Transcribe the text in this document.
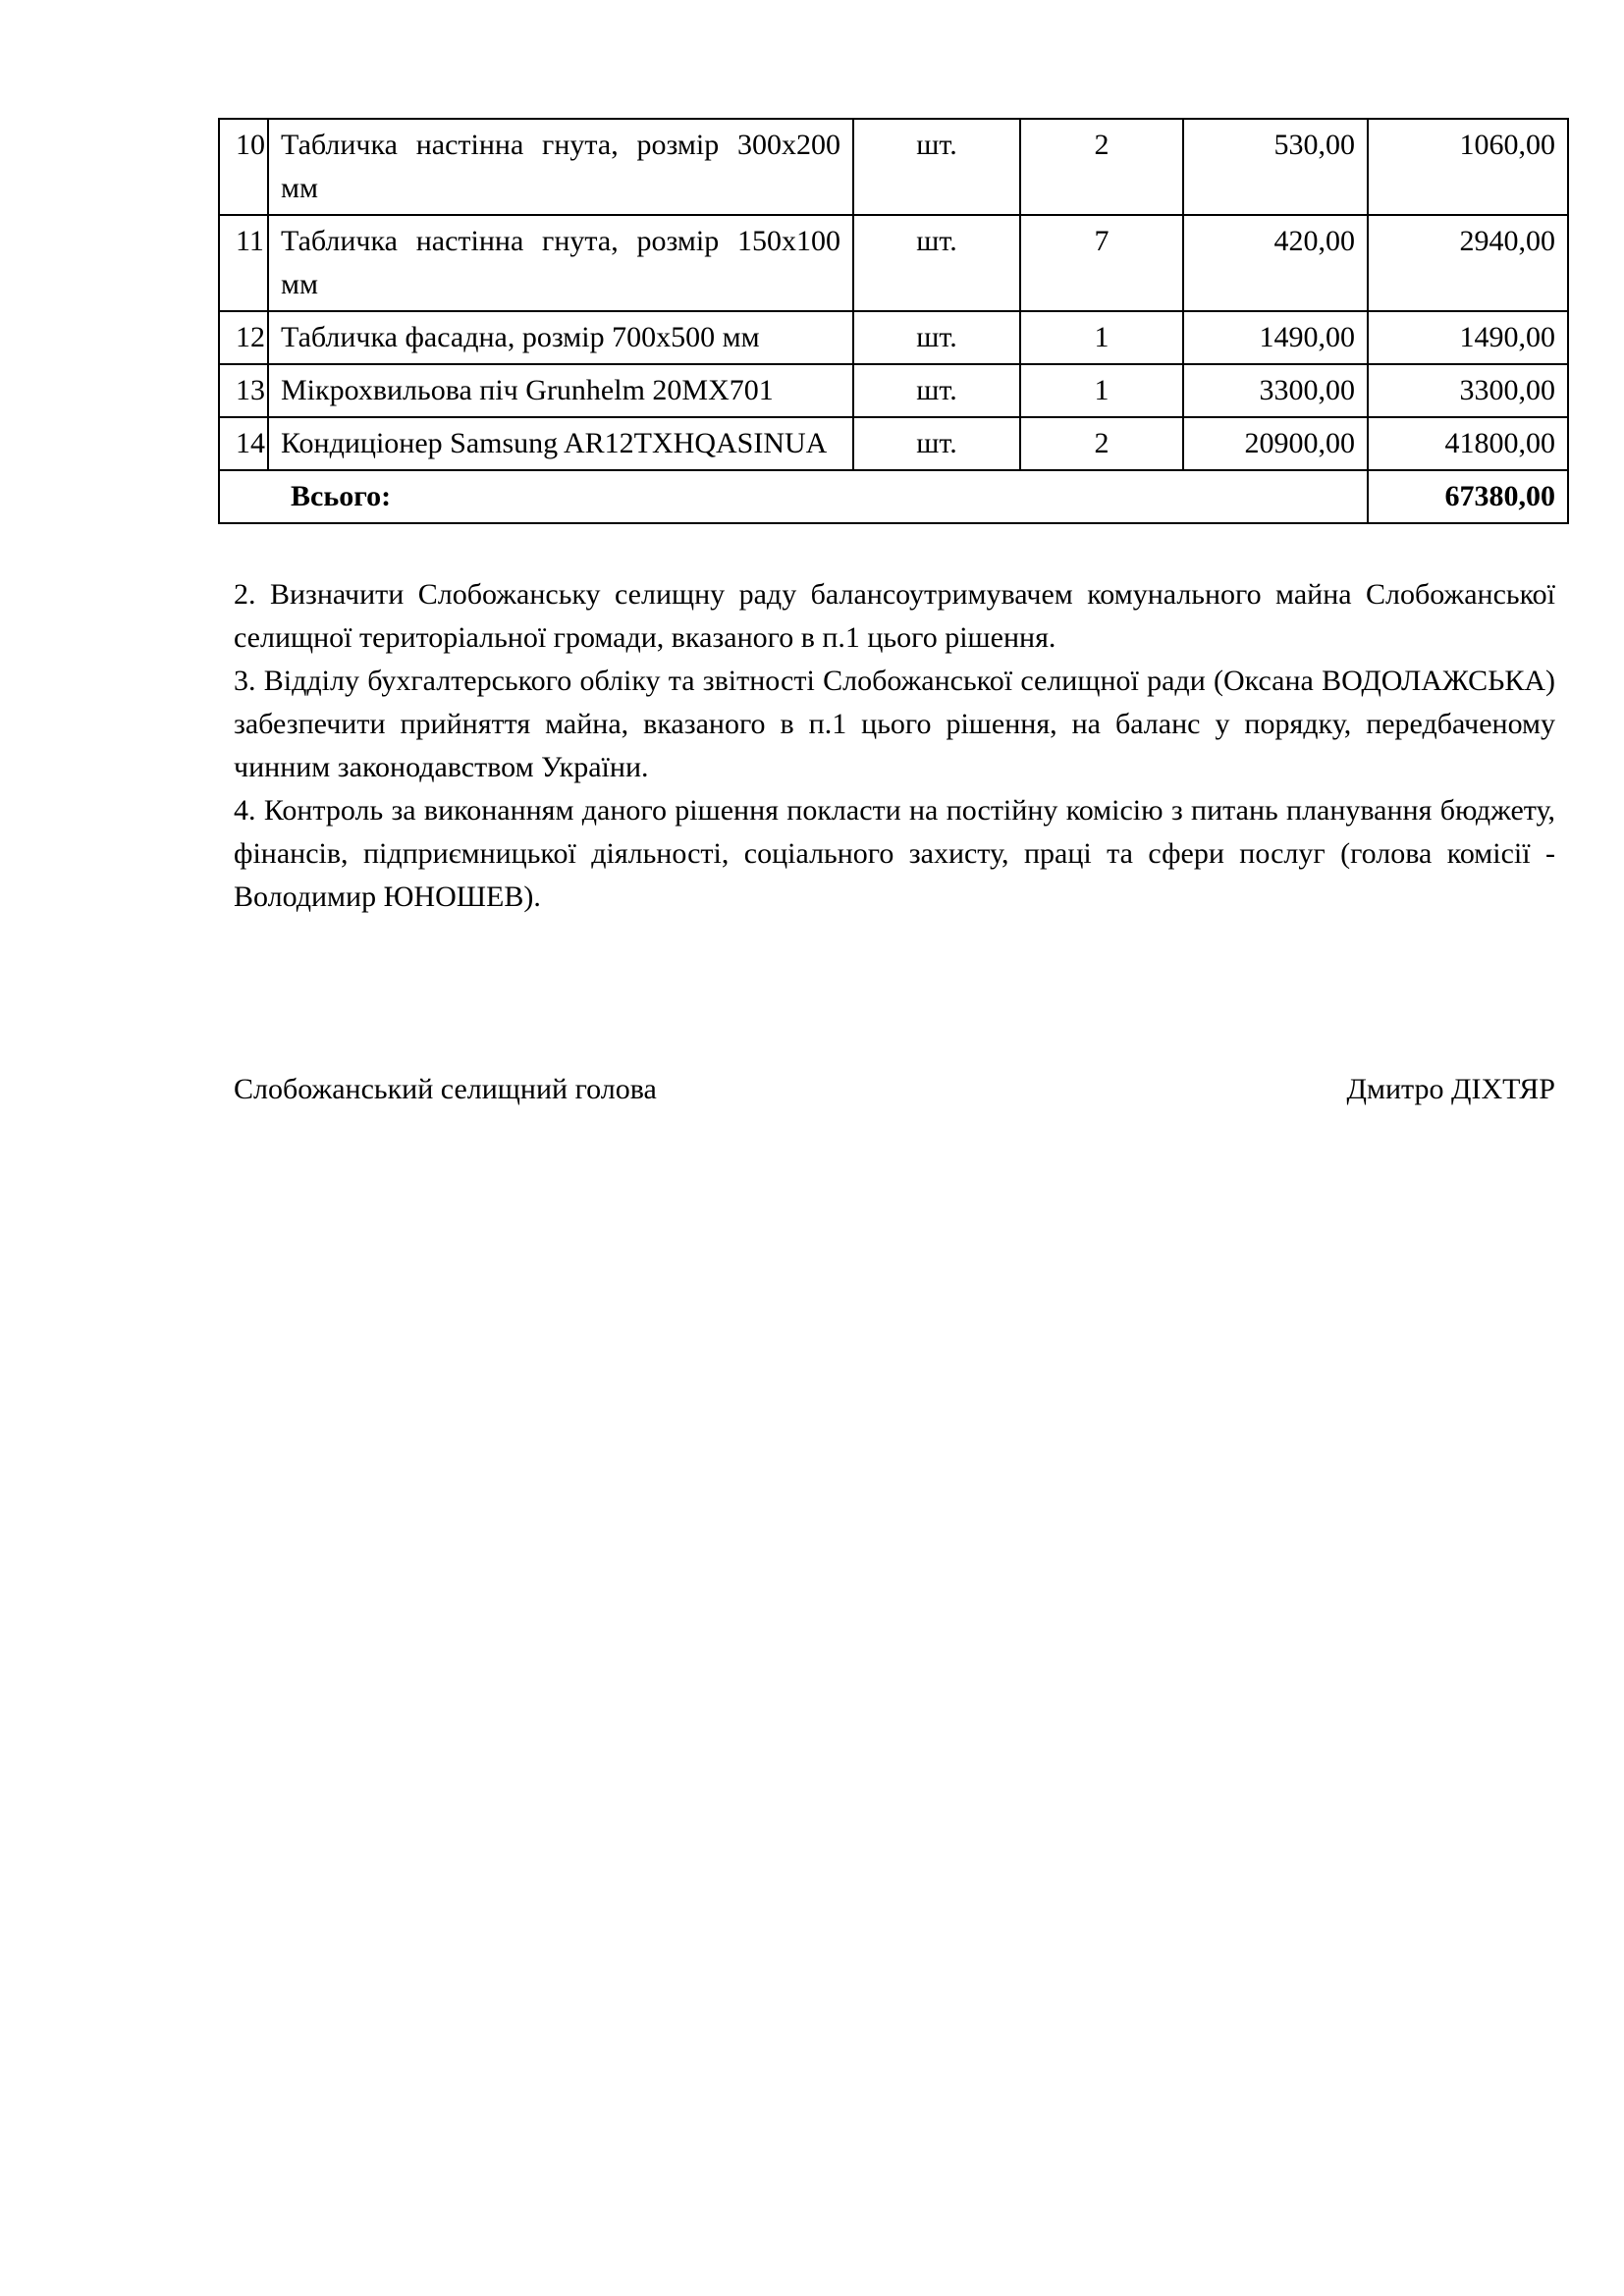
10	Табличка настінна гнута, розмір 300х200 мм	шт.	2	530,00	1060,00
11	Табличка настінна гнута, розмір 150х100 мм	шт.	7	420,00	2940,00
12	Табличка фасадна, розмір 700х500 мм	шт.	1	1490,00	1490,00
13	Мікрохвильова піч Grunhelm 20MX701	шт.	1	3300,00	3300,00
14	Кондиціонер Samsung AR12TXHQASINUA	шт.	2	20900,00	41800,00
Всього:					67380,00

2. Визначити Слобожанську селищну раду балансоутримувачем комунального майна Слобожанської селищної територіальної громади, вказаного в п.1 цього рішення.

3. Відділу бухгалтерського обліку та звітності Слобожанської селищної ради (Оксана ВОДОЛАЖСЬКА) забезпечити прийняття майна, вказаного в п.1 цього рішення, на баланс у порядку, передбаченому чинним законодавством України.

4. Контроль за виконанням даного рішення покласти на постійну комісію з питань планування бюджету, фінансів, підприємницької діяльності, соціального захисту, праці та сфери послуг (голова комісії - Володимир ЮНОШЕВ).

Слобожанський селищний голова	Дмитро ДІХТЯР
